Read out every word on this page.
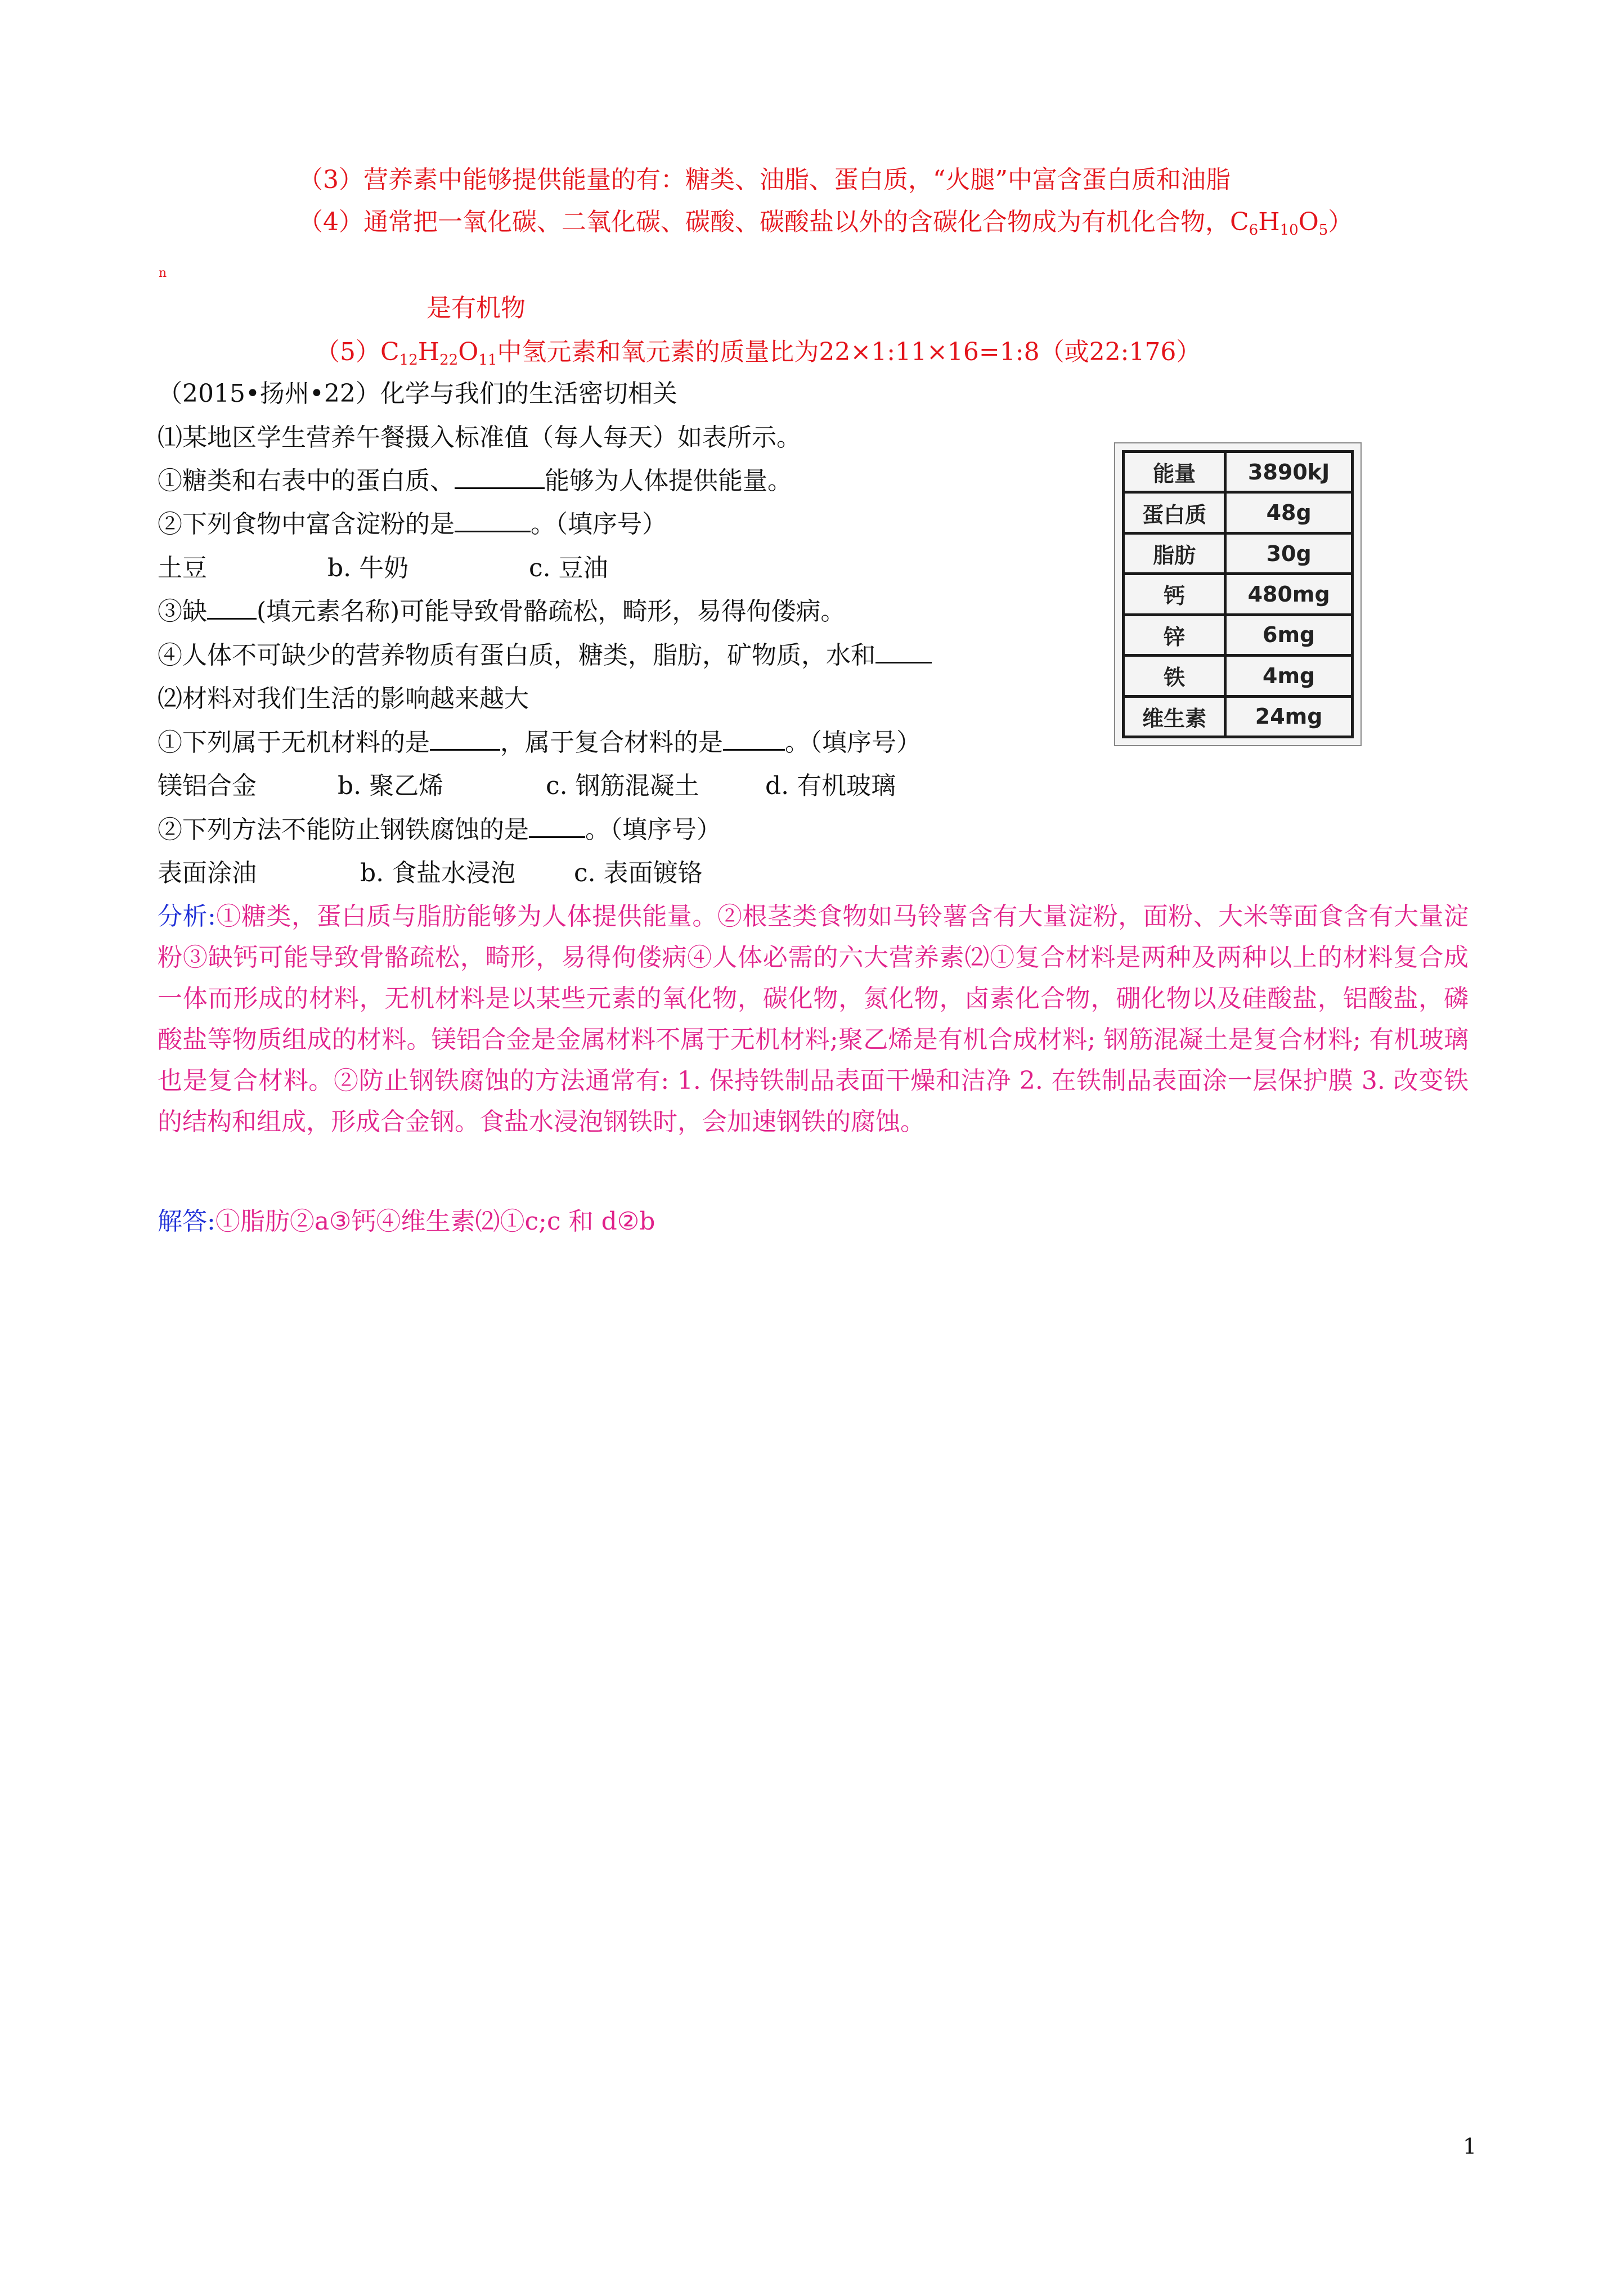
（3）营养素中能够提供能量的有：糖类、油脂、蛋白质，“火腿”中富含蛋白质和油脂
（4）通常把一氧化碳、二氧化碳、碳酸、碳酸盐以外的含碳化合物成为有机化合物，$C_6H_{10}O_5$）
n
是有机物
$(5)C_{12}H_{22}O_{11}$中氢元素和氧元素的质量比为22×1:11×16=1:8（或22:176）
（2015•扬州•22）化学与我们的生活密切相关
⑴某地区学生营养午餐摄入标准值（每人每天）如表所示。
①糖类和右表中的蛋白质、	能够为人体提供能量。
②下列食物中富含淀粉的是	。（填序号）
土豆	b. 牛奶	c. 豆油
③缺 (填元素名称)可能导致骨骼疏松，畸形，易得佝偻病。
④人体不可缺少的营养物质有蛋白质，糖类，脂肪，矿物质，水和
⑵材料对我们生活的影响越来越大
①下列属于无机材料的是	，属于复合材料的是	。（填序号）
镁铝合金	b. 聚乙烯	c. 钢筋混凝土	d. 有机玻璃
②下列方法不能防止钢铁腐蚀的是 。（填序号）
表面涂油	b. 食盐水浸泡 c. 表面镀铬
能量	3890kJ
蛋白质	48g
脂肪	30g
钙	480mg
锌	6mg
铁	4mg
维生素	24mg
分析:①糖类，蛋白质与脂肪能够为人体提供能量。②根茎类食物如马铃薯含有大量淀粉，面粉、大米等面食含有大量淀粉③缺钙可能导致骨骼疏松，畸形，易得佝偻病④人体必需的六大营养素⑵①复合材料是两种及两种以上的材料复合成一体而形成的材料，无机材料是以某些元素的氧化物，碳化物，氮化物，卤素化合物，硼化物以及硅酸盐，铝酸盐，磷酸盐等物质组成的材料。镁铝合金是金属材料不属于无机材料;聚乙烯是有机合成材料; 钢筋混凝土是复合材料; 有机玻璃也是复合材料。②防止钢铁腐蚀的方法通常有: 1. 保持铁制品表面干燥和洁净 2. 在铁制品表面涂一层保护膜 3. 改变铁的结构和组成，形成合金钢。食盐水浸泡钢铁时，会加速钢铁的腐蚀。
解答:①脂肪②a③钙④维生素⑵①c;c 和 d②b
1
